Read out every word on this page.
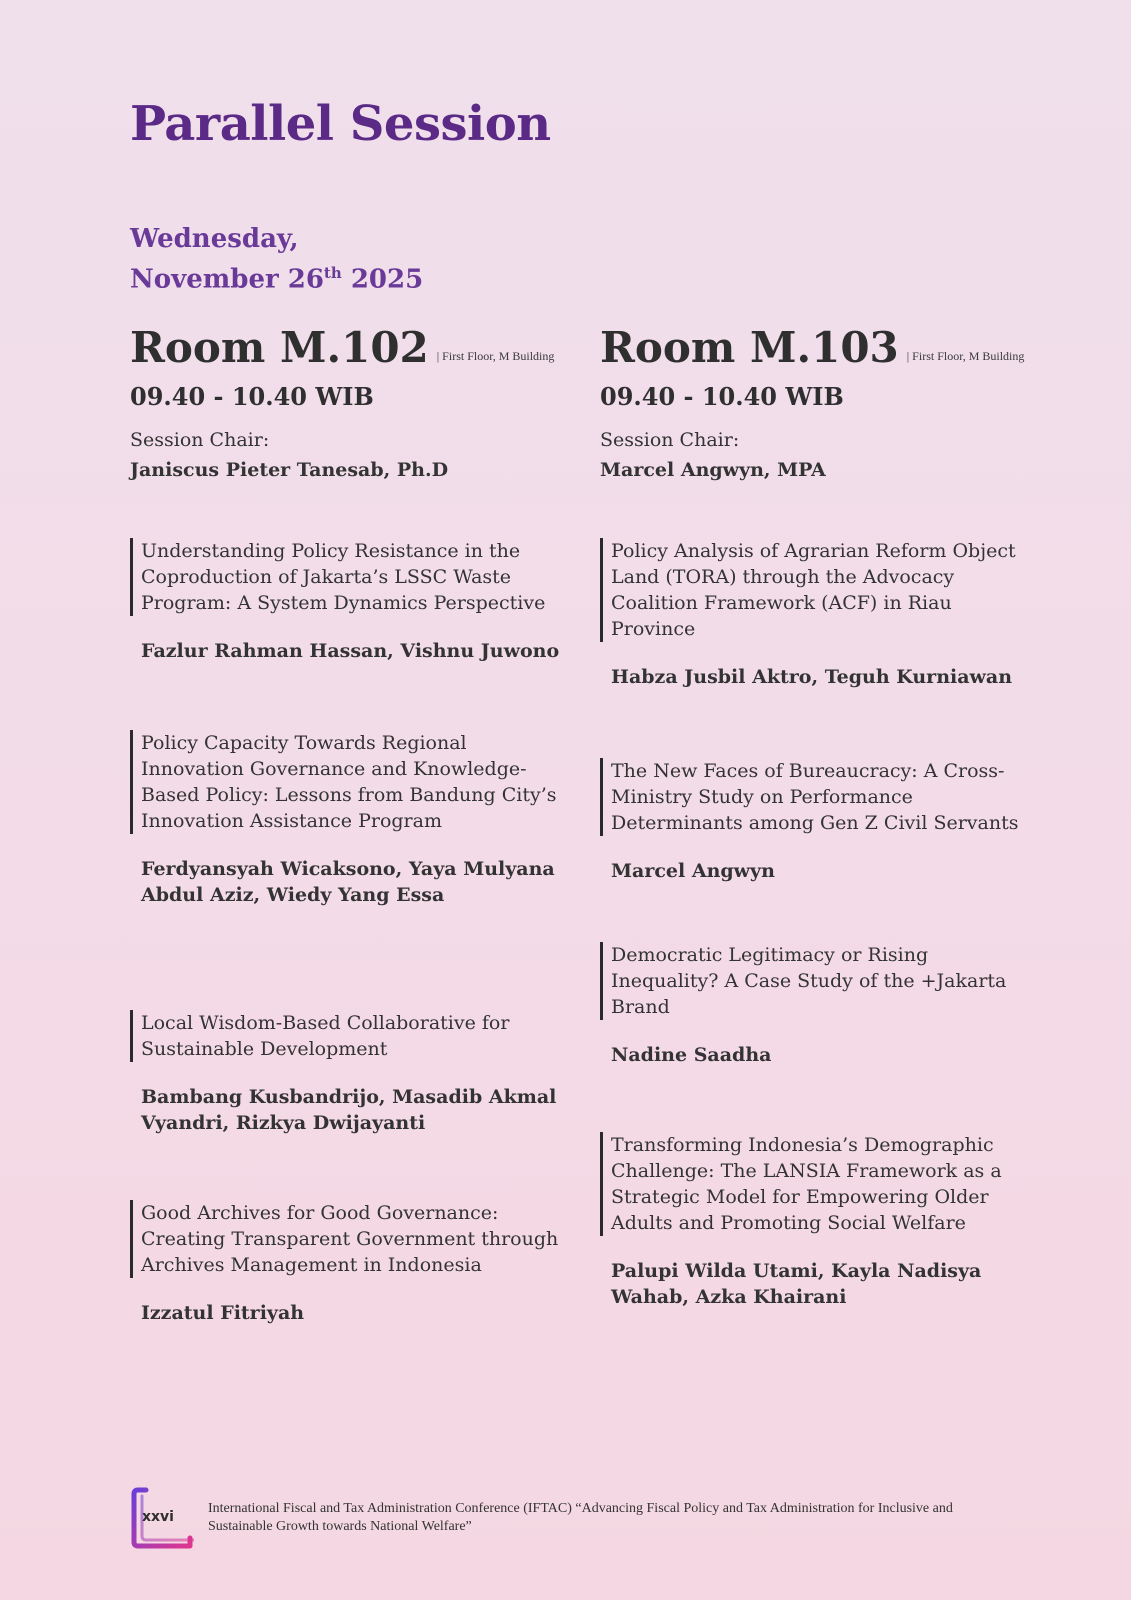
Parallel Session
Wednesday,
November 26th 2025
Room M.102 | First Floor, M Building
09.40 - 10.40 WIB
Session Chair:
Janiscus Pieter Tanesab, Ph.D
Understanding Policy Resistance in the Coproduction of Jakarta’s LSSC Waste Program: A System Dynamics Perspective
Fazlur Rahman Hassan, Vishnu Juwono
Policy Capacity Towards Regional Innovation Governance and Knowledge-Based Policy: Lessons from Bandung City’s Innovation Assistance Program
Ferdyansyah Wicaksono, Yaya Mulyana Abdul Aziz, Wiedy Yang Essa
Local Wisdom-Based Collaborative for Sustainable Development
Bambang Kusbandrijo, Masadib Akmal Vyandri, Rizkya Dwijayanti
Good Archives for Good Governance: Creating Transparent Government through Archives Management in Indonesia
Izzatul Fitriyah
Room M.103 | First Floor, M Building
09.40 - 10.40 WIB
Session Chair:
Marcel Angwyn, MPA
Policy Analysis of Agrarian Reform Object Land (TORA) through the Advocacy Coalition Framework (ACF) in Riau Province
Habza Jusbil Aktro, Teguh Kurniawan
The New Faces of Bureaucracy: A Cross-Ministry Study on Performance Determinants among Gen Z Civil Servants
Marcel Angwyn
Democratic Legitimacy or Rising Inequality? A Case Study of the +Jakarta Brand
Nadine Saadha
Transforming Indonesia’s Demographic Challenge: The LANSIA Framework as a Strategic Model for Empowering Older Adults and Promoting Social Welfare
Palupi Wilda Utami, Kayla Nadisya Wahab, Azka Khairani
xxvi
International Fiscal and Tax Administration Conference (IFTAC) “Advancing Fiscal Policy and Tax Administration for Inclusive and Sustainable Growth towards National Welfare”
